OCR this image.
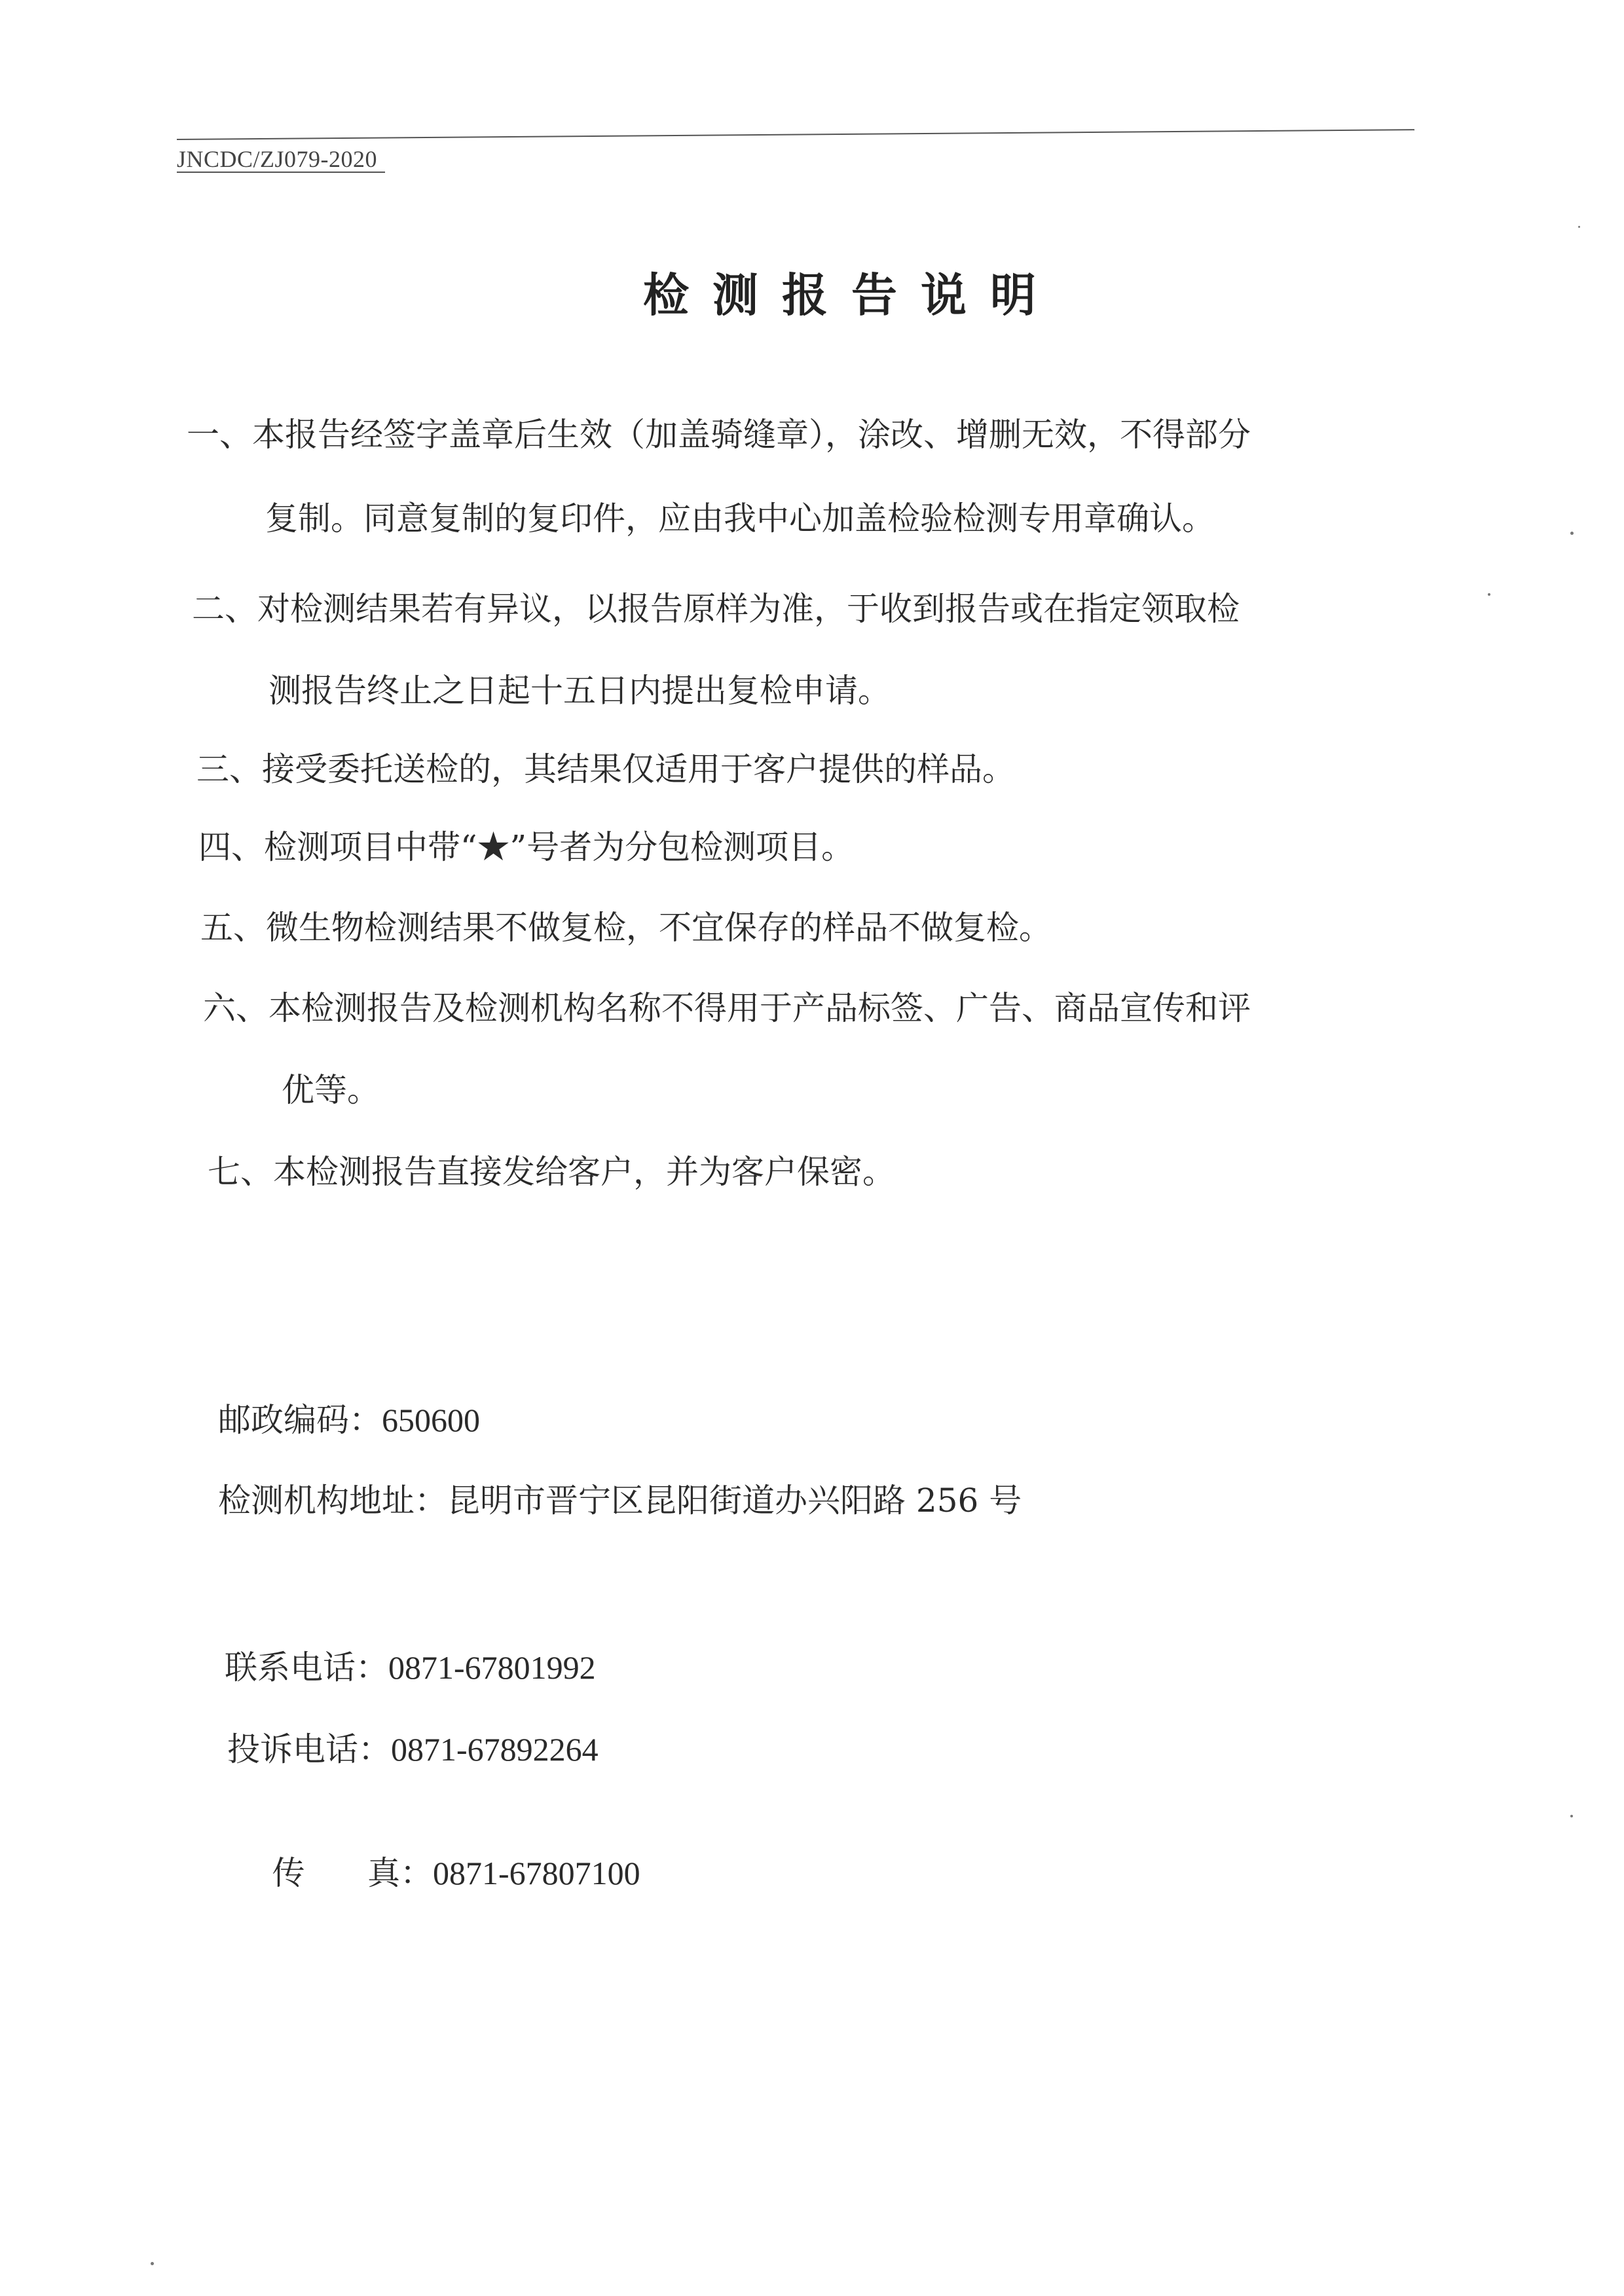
JNCDC/ZJ079-2020
检测报告说明
一、本报告经签字盖章后生效（加盖骑缝章），涂改、增删无效，不得部分
复制。同意复制的复印件，应由我中心加盖检验检测专用章确认。
二、对检测结果若有异议，以报告原样为准，于收到报告或在指定领取检
测报告终止之日起十五日内提出复检申请。
三、接受委托送检的，其结果仅适用于客户提供的样品。
四、检测项目中带“★”号者为分包检测项目。
五、微生物检测结果不做复检，不宜保存的样品不做复检。
六、本检测报告及检测机构名称不得用于产品标签、广告、商品宣传和评
优等。
七、本检测报告直接发给客户，并为客户保密。
邮政编码：650600
检测机构地址：昆明市晋宁区昆阳街道办兴阳路 256 号
联系电话：0871-67801992
投诉电话：0871-67892264

传      真：0871-67807100
